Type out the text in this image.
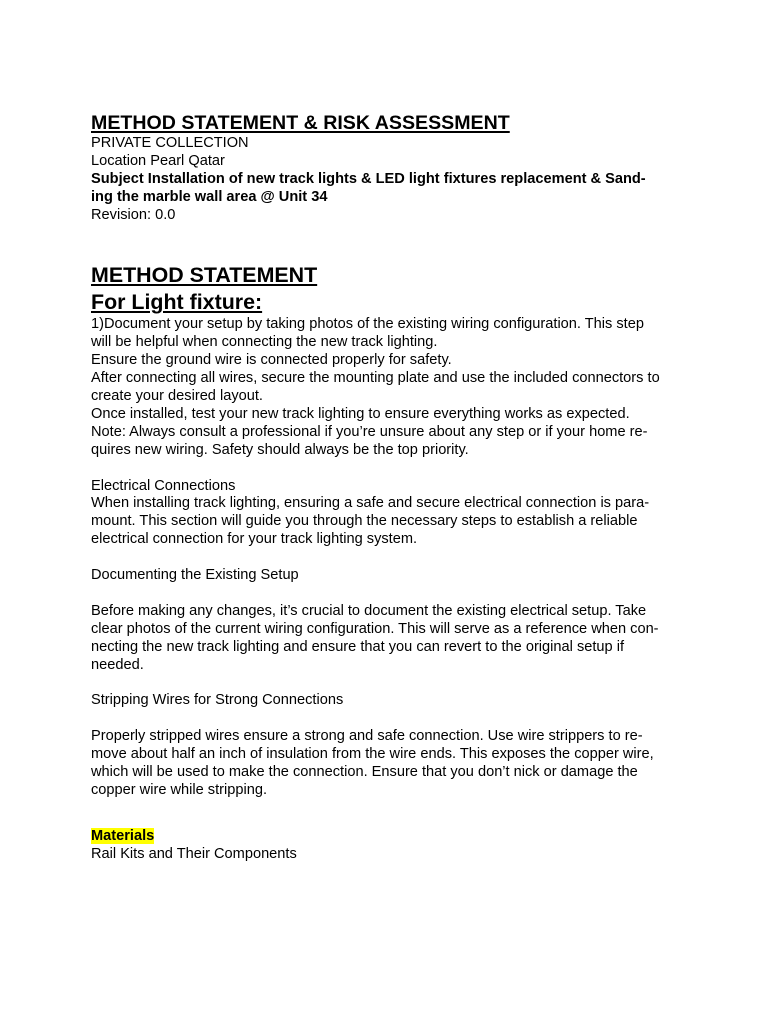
METHOD STATEMENT & RISK ASSESSMENT
PRIVATE COLLECTION
Location Pearl Qatar
Subject Installation of new track lights & LED light fixtures replacement & Sand-
ing the marble wall area @ Unit 34
Revision: 0.0
METHOD STATEMENT
For Light fixture:
1)Document your setup by taking photos of the existing wiring configuration. This step
will be helpful when connecting the new track lighting.
Ensure the ground wire is connected properly for safety.
After connecting all wires, secure the mounting plate and use the included connectors to
create your desired layout.
Once installed, test your new track lighting to ensure everything works as expected.
Note: Always consult a professional if you’re unsure about any step or if your home re-
quires new wiring. Safety should always be the top priority.
Electrical Connections
When installing track lighting, ensuring a safe and secure electrical connection is para-
mount. This section will guide you through the necessary steps to establish a reliable
electrical connection for your track lighting system.
Documenting the Existing Setup
Before making any changes, it’s crucial to document the existing electrical setup. Take
clear photos of the current wiring configuration. This will serve as a reference when con-
necting the new track lighting and ensure that you can revert to the original setup if
needed.
Stripping Wires for Strong Connections
Properly stripped wires ensure a strong and safe connection. Use wire strippers to re-
move about half an inch of insulation from the wire ends. This exposes the copper wire,
which will be used to make the connection. Ensure that you don’t nick or damage the
copper wire while stripping.
Materials
Rail Kits and Their Components
